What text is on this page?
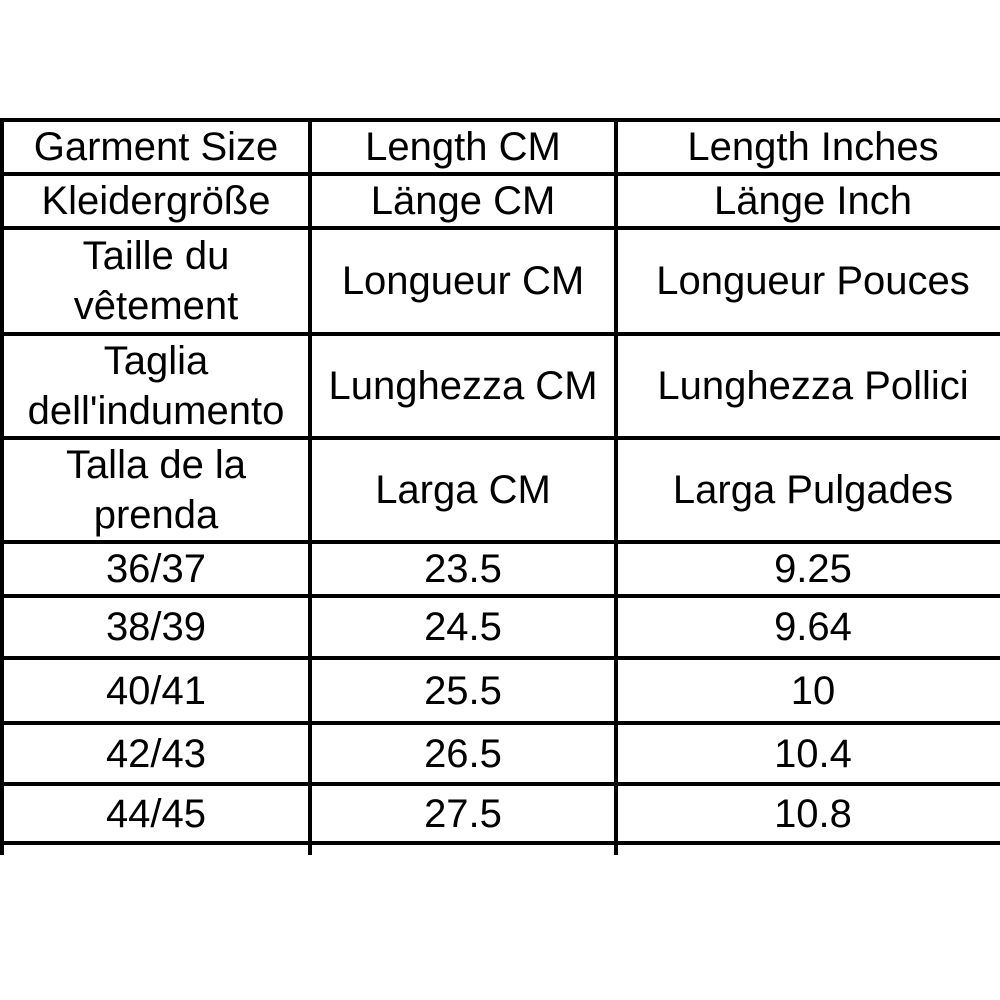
Garment Size	Length CM	Length Inches
Kleidergröße	Länge CM	Länge Inch
Taille du vêtement	Longueur CM	Longueur Pouces
Taglia dell'indumento	Lunghezza CM	Lunghezza Pollici
Talla de la prenda	Larga CM	Larga Pulgades
36/37	23.5	9.25
38/39	24.5	9.64
40/41	25.5	10
42/43	26.5	10.4
44/45	27.5	10.8
